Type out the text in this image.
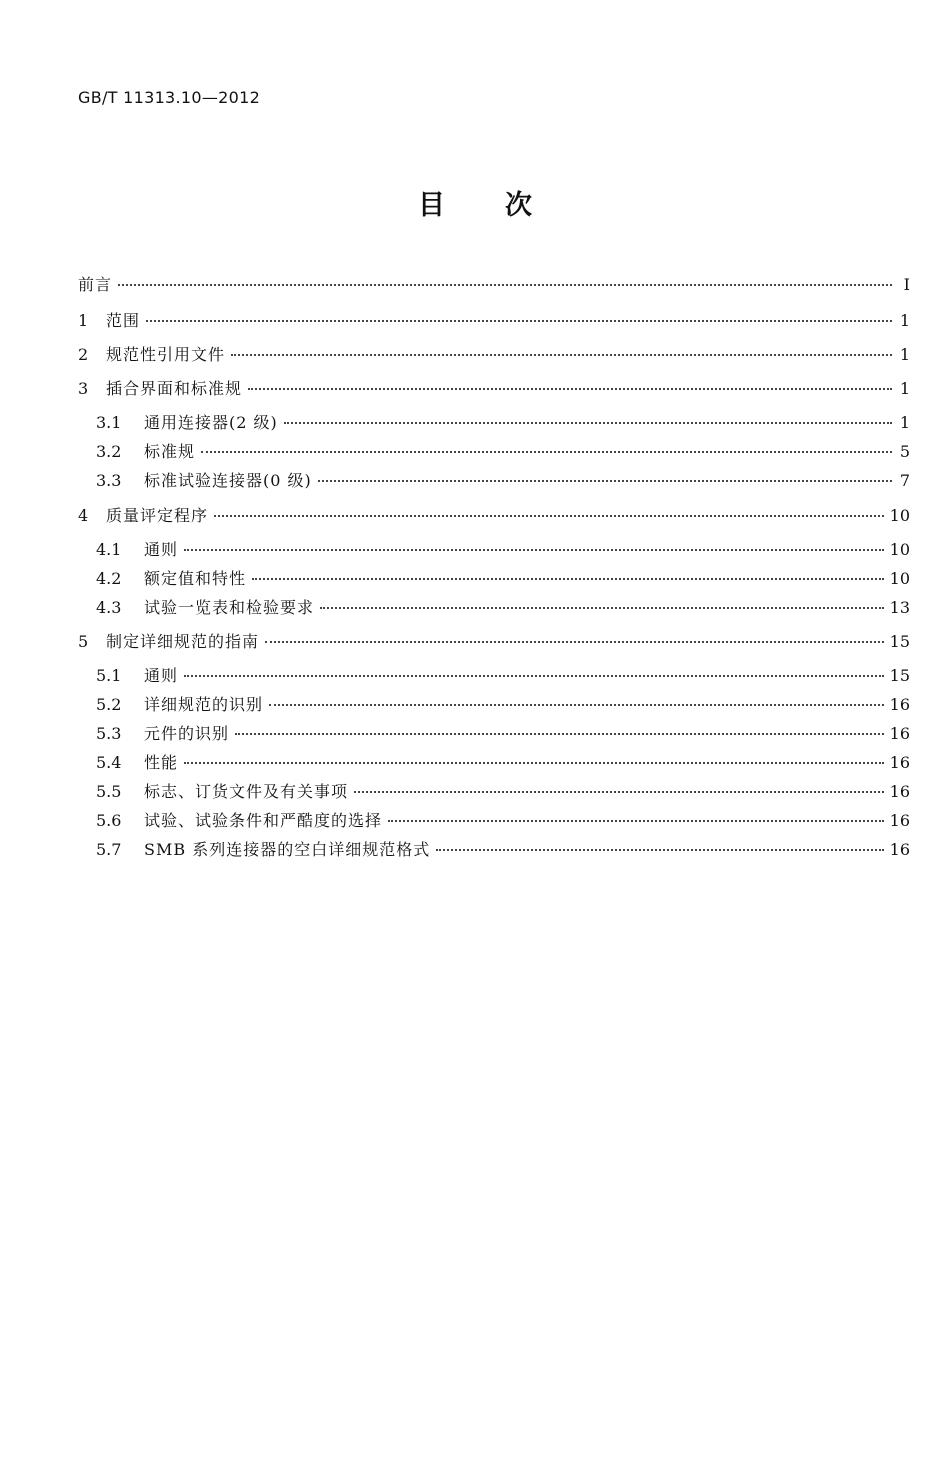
GB/T 11313.10—2012
目 次
前言	Ⅰ
1	范围	1
2	规范性引用文件	1
3	插合界面和标准规	1
3.1	通用连接器(2 级)	1
3.2	标准规	5
3.3	标准试验连接器(0 级)	7
4	质量评定程序	10
4.1	通则	10
4.2	额定值和特性	10
4.3	试验一览表和检验要求	13
5	制定详细规范的指南	15
5.1	通则	15
5.2	详细规范的识别	16
5.3	元件的识别	16
5.4	性能	16
5.5	标志、订货文件及有关事项	16
5.6	试验、试验条件和严酷度的选择	16
5.7	SMB 系列连接器的空白详细规范格式	16
